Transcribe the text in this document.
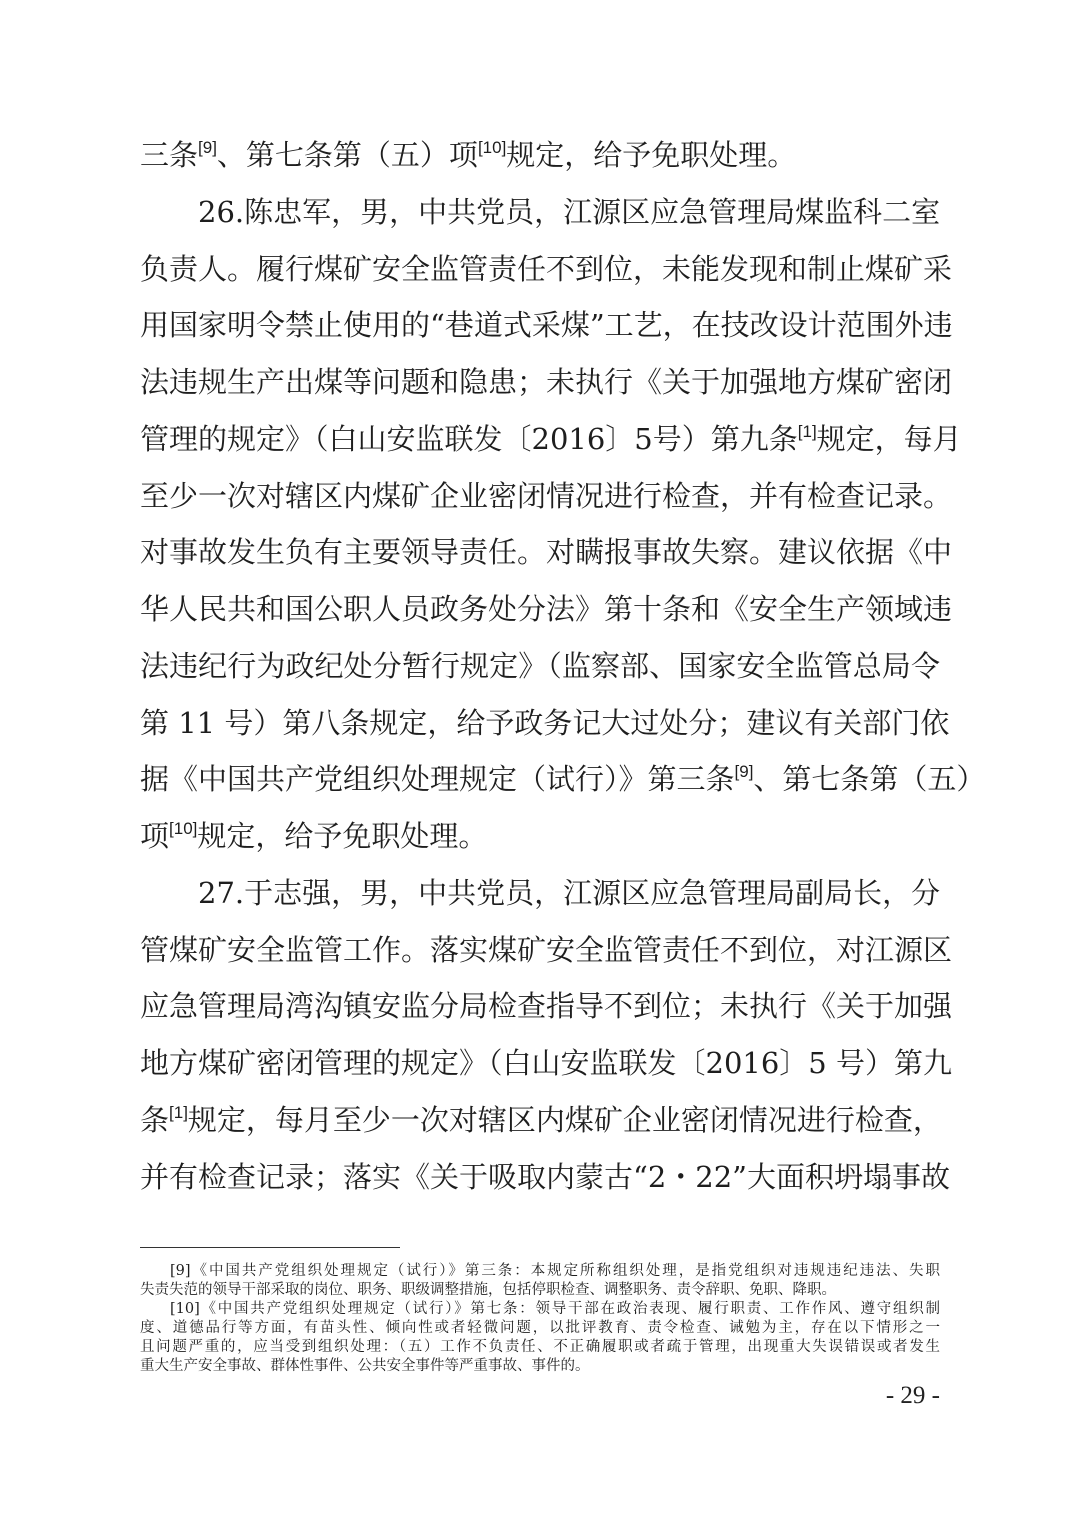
三条[9]、第七条第（五）项[10]规定，给予免职处理。
26.陈忠军，男，中共党员，江源区应急管理局煤监科二室
负责人。履行煤矿安全监管责任不到位，未能发现和制止煤矿采
用国家明令禁止使用的“巷道式采煤”工艺，在技改设计范围外违
法违规生产出煤等问题和隐患；未执行《关于加强地方煤矿密闭
管理的规定》（白山安监联发〔2016〕5号）第九条[1]规定，每月
至少一次对辖区内煤矿企业密闭情况进行检查，并有检查记录。
对事故发生负有主要领导责任。对瞒报事故失察。建议依据《中
华人民共和国公职人员政务处分法》第十条和《安全生产领域违
法违纪行为政纪处分暂行规定》（监察部、国家安全监管总局令
第 11 号）第八条规定，给予政务记大过处分；建议有关部门依
据《中国共产党组织处理规定（试行）》第三条[9]、第七条第（五）
项[10]规定，给予免职处理。
27.于志强，男，中共党员，江源区应急管理局副局长，分
管煤矿安全监管工作。落实煤矿安全监管责任不到位，对江源区
应急管理局湾沟镇安监分局检查指导不到位；未执行《关于加强
地方煤矿密闭管理的规定》（白山安监联发〔2016〕5 号）第九
条[1]规定，每月至少一次对辖区内煤矿企业密闭情况进行检查，
并有检查记录；落实《关于吸取内蒙古“2・22”大面积坍塌事故
[9]《中国共产党组织处理规定（试行）》第三条：本规定所称组织处理，是指党组织对违规违纪违法、失职
失责失范的领导干部采取的岗位、职务、职级调整措施，包括停职检查、调整职务、责令辞职、免职、降职。
[10]《中国共产党组织处理规定（试行）》第七条：领导干部在政治表现、履行职责、工作作风、遵守组织制
度、道德品行等方面，有苗头性、倾向性或者轻微问题，以批评教育、责令检查、诫勉为主，存在以下情形之一
且问题严重的，应当受到组织处理：（五）工作不负责任、不正确履职或者疏于管理，出现重大失误错误或者发生
重大生产安全事故、群体性事件、公共安全事件等严重事故、事件的。
- 29 -
